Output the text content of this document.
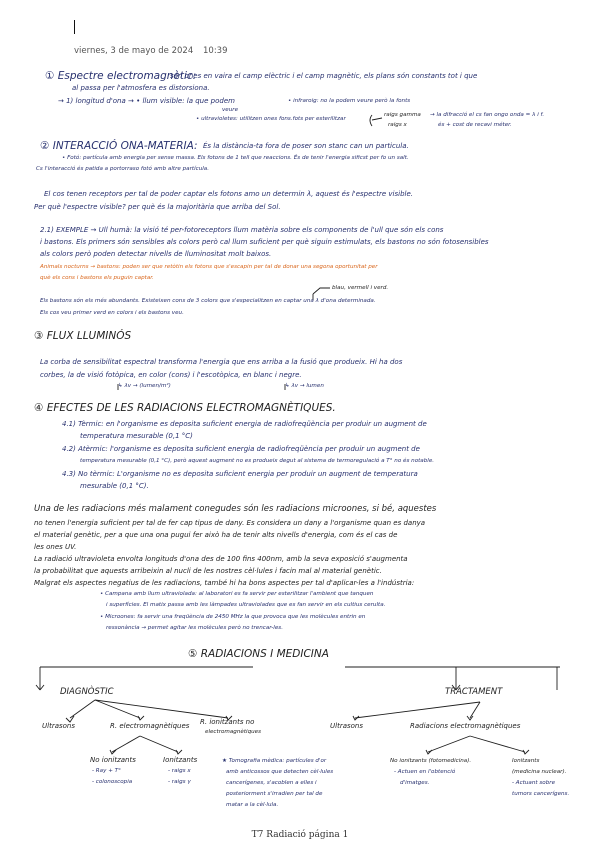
viernes, 3 de mayo de 2024 10:39
① Espectre electromagnètic:
són ones en vaira el camp elèctric i el camp magnètic, els plans són constants tot i que
al passa per l'atmosfera es distorsiona.
→ 1) longitud d'ona → • llum visible: la que podem
veure
• infraroig: no la podem veure però la fonts
raigs gamma
raigs x
• ultravioletes: utilitzen ones fons.fots per esterilitzar
→ la difracció el cs fan ongo onda = λ i f.
és + cost de recavi méter.
② INTERACCIÓ ONA-MATERIA: És la distància-ta fora de poser son stanc can un particula.
• Fotó: partícula amb energia per sense massa. Els fotons de 1 tell que reaccions. És de tenir l'energia sificst per fo un salt.
Cs l'interacció és patida a portorraso fotó amb altre partícula.
El cos tenen receptors per tal de poder captar els fotons amo un determin λ, aquest és l'espectre visible.
Per què l'espectre visible? per què és la majoritària que arriba del Sol.
2.1) EXEMPLE → Ull humà: la visió té per-fotoreceptors llum matèria sobre els components de l'ull que són els cons
i bastons. Els primers són sensibles als colors però cal llum suficient per què siguin estimulats, els bastons no són fotosensibles
als colors però poden detectar nivells de lluminositat molt baixos.
Animals nocturns → bastons: poden ser que retòtin els fotons que s'escapin per tal de donar una segona oportunitat per
què els cons i bastons els puguin captar.
blau, vermell i verd.
Els bastons són els més abundants. Existeixen cons de 3 colors que s'especialitzen en captar una λ d'ona determinada.
Els cos veu primer verd en colors i els bastons veu.
③ FLUX LLUMINÓS
La corba de sensibilitat espectral transforma l'energia que ens arriba a la fusió que produeix. Hi ha dos
corbes, la de visió fotòpica, en color (cons) i l'escotòpica, en blanc i negre.
↳ λv → (lumen/m²)	↳ λv → lumen
④ EFECTES DE LES RADIACIONS ELECTROMAGNÈTIQUES.
4.1) Tèrmic: en l'organisme es deposita suficient energia de radiofreqüència per produir un augment de
temperatura mesurable (0,1 °C)
4.2) Atèrmic: l'organisme es deposita suficient energia de radiofreqüència per produir un augment de
temperatura mesurable (0,1 °C), però aquest augment no es produeix degut al sistema de termoregulació a T° no és notable.
4.3) No tèrmic: L'organisme no es deposita suficient energia per produir un augment de temperatura
mesurable (0,1 °C).
Una de les radiacions més malament conegudes són les radiacions microones, si bé, aquestes
no tenen l'energia suficient per tal de fer cap tipus de dany. Es considera un dany a l'organisme quan es danya
el material genètic, per a que una ona pugui fer això ha de tenir alts nivells d'energia, com és el cas de
les ones UV.
La radiació ultravioleta envolta longituds d'ona des de 100 fins 400nm, amb la seva exposició s'augmenta
la probabilitat que aquests arribeixin al nucli de les nostres cèl·lules i facin mal al material genètic.
Malgrat els aspectes negatius de les radiacions, també hi ha bons aspectes per tal d'aplicar-les a l'indústria:
• Campana amb llum ultraviolada: al laboratori es fa servir per esterilitzar l'ambient que tanquen
i superfícies. El matix passa amb les làmpades ultraviolades que es fan servir en els cultius cerulta.
• Microones: fa servir una freqüència de 2450 MHz la que provoca que les molècules entrin en
ressonància → permet agitar les molècules però no trencar-les.
⑤ RADIACIONS I MEDICINA
DIAGNÒSTIC	TRACTAMENT
Ultrasons	R. electromagnètiques R. ionitzants no
electromagnètiques
Ultrasons	Radiacions electromagnètiques
No ionitzants
- Ray + T°
- colonoscopia
Ionitzants
- raigs x
- raigs γ
★ Tomografia mèdica: partícules d'or
amb anticossos que detecten cèl·lules
cancerígenes, s'acoblen a elles i
posteriorment s'irradien per tal de
matar a la cèl·lula.
No ionitzants (fotomedicina).
- Actuen en l'obtenció
d'imatges.
Ionitzants
(medicina nuclear).
- Actuant sobre
tumors cancerígens.
T7 Radiació página 1
